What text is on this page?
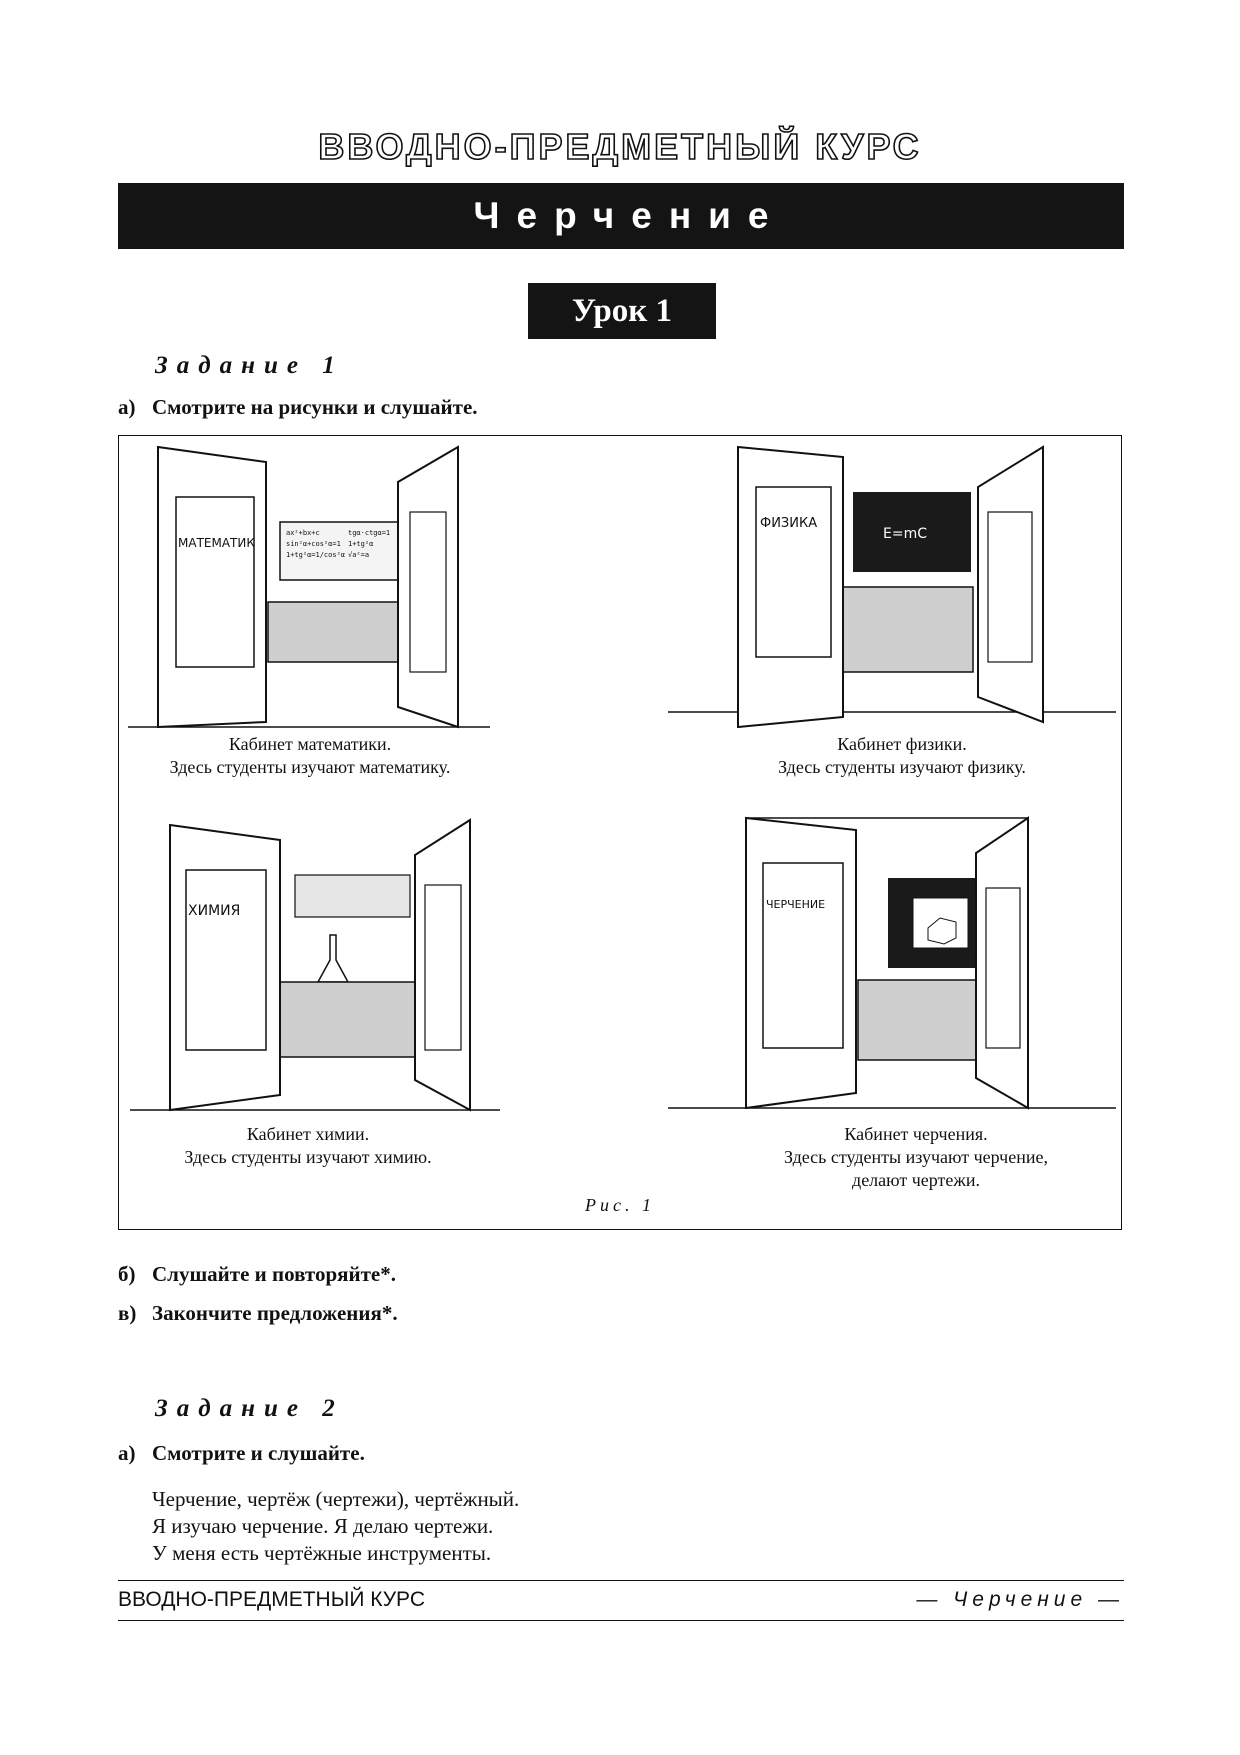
ВВОДНО-ПРЕДМЕТНЫЙ КУРС
Черчение
Урок 1
Задание 1
а) Смотрите на рисунки и слушайте.
ax²+bx+c	tgα·ctgα=1
sin²α+cos²α=1 1+tg²α
1+tg²α=1/cos²α √a²=a
МАТЕМАТИК
Кабинет математики.
Здесь студенты изучают математику.
E=mC
ФИЗИКА
Кабинет физики.
Здесь студенты изучают физику.
ХИМИЯ
Кабинет химии.
Здесь студенты изучают химию.
ЧЕРЧЕНИЕ
Кабинет черчения.
Здесь студенты изучают черчение,
делают чертежи.
Рис. 1
б) Слушайте и повторяйте*.
в) Закончите предложения*.
Задание 2
а) Смотрите и слушайте.
Черчение, чертёж (чертежи), чертёжный.
Я изучаю черчение. Я делаю чертежи.
У меня есть чертёжные инструменты.
ВВОДНО-ПРЕДМЕТНЫЙ КУРС	— Черчение —
